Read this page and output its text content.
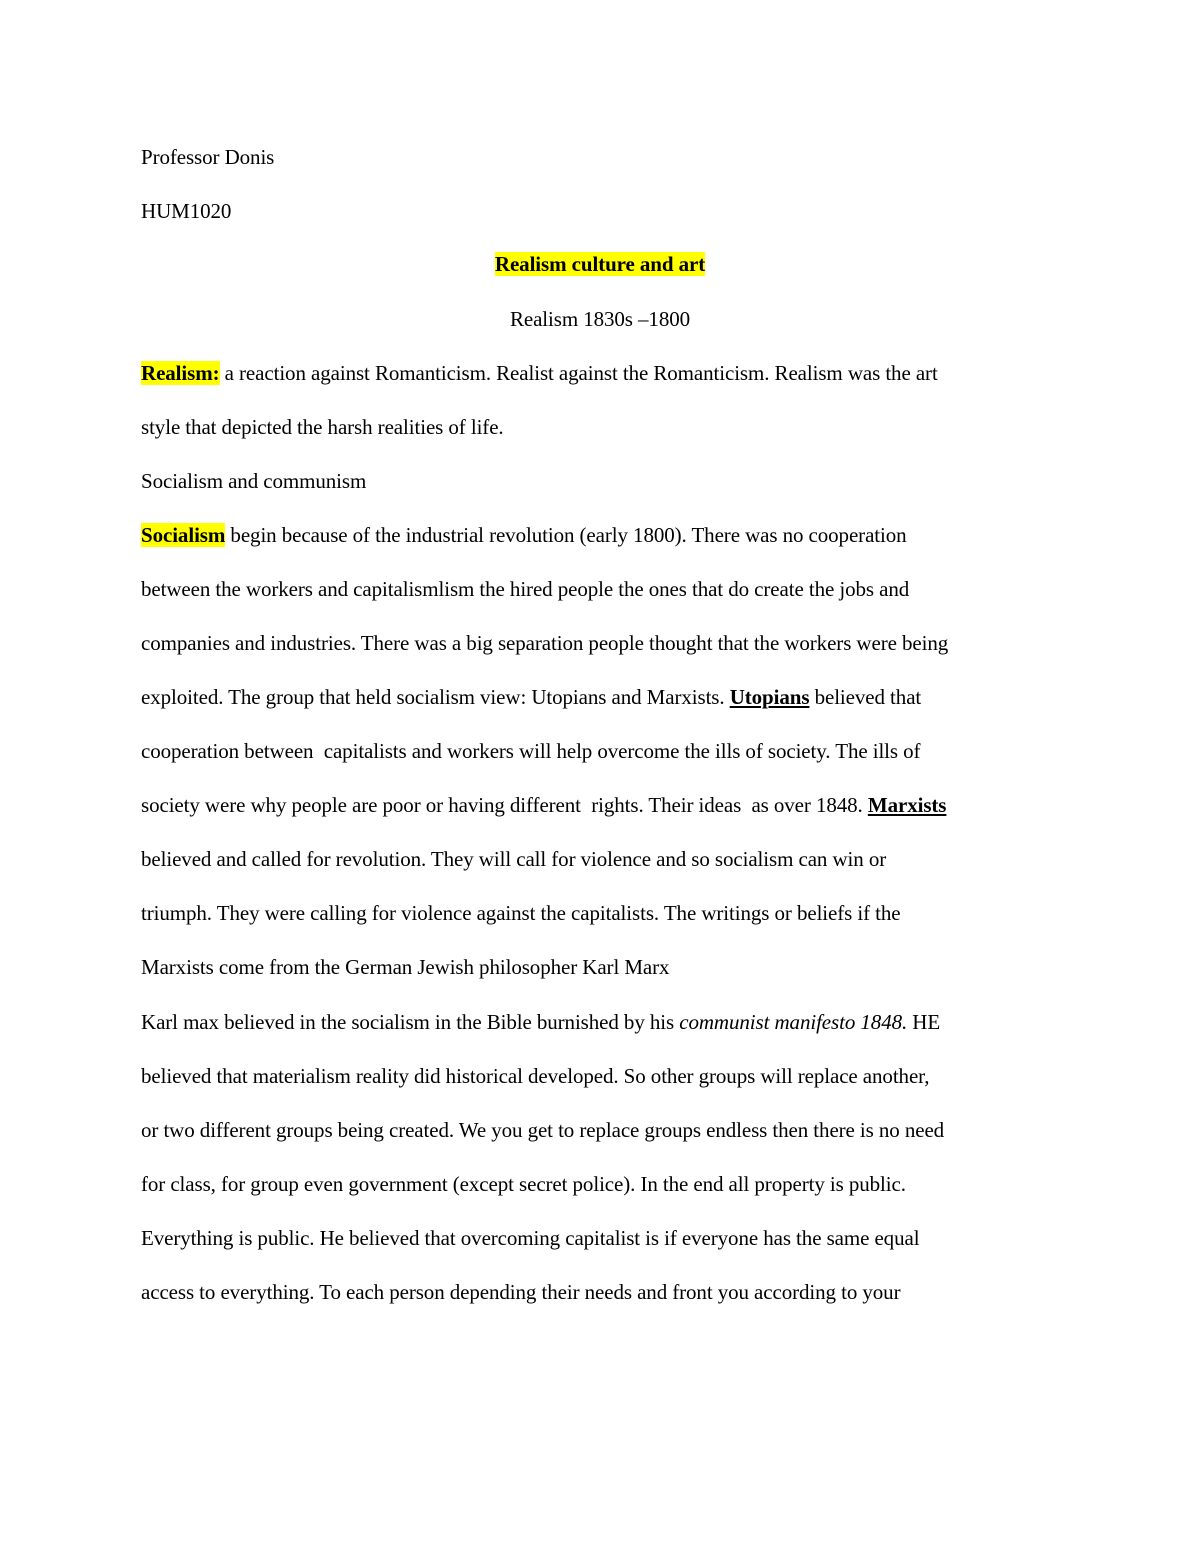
Professor Donis
HUM1020
Realism culture and art
Realism 1830s –1800
Realism: a reaction against Romanticism. Realist against the Romanticism. Realism was the art
style that depicted the harsh realities of life.
Socialism and communism
Socialism begin because of the industrial revolution (early 1800). There was no cooperation
between the workers and capitalismlism the hired people the ones that do create the jobs and
companies and industries. There was a big separation people thought that the workers were being
exploited. The group that held socialism view: Utopians and Marxists. Utopians believed that
cooperation between  capitalists and workers will help overcome the ills of society. The ills of
society were why people are poor or having different  rights. Their ideas  as over 1848. Marxists
believed and called for revolution. They will call for violence and so socialism can win or
triumph. They were calling for violence against the capitalists. The writings or beliefs if the
Marxists come from the German Jewish philosopher Karl Marx
Karl max believed in the socialism in the Bible burnished by his communist manifesto 1848. HE
believed that materialism reality did historical developed. So other groups will replace another,
or two different groups being created. We you get to replace groups endless then there is no need
for class, for group even government (except secret police). In the end all property is public.
Everything is public. He believed that overcoming capitalist is if everyone has the same equal
access to everything. To each person depending their needs and front you according to your
